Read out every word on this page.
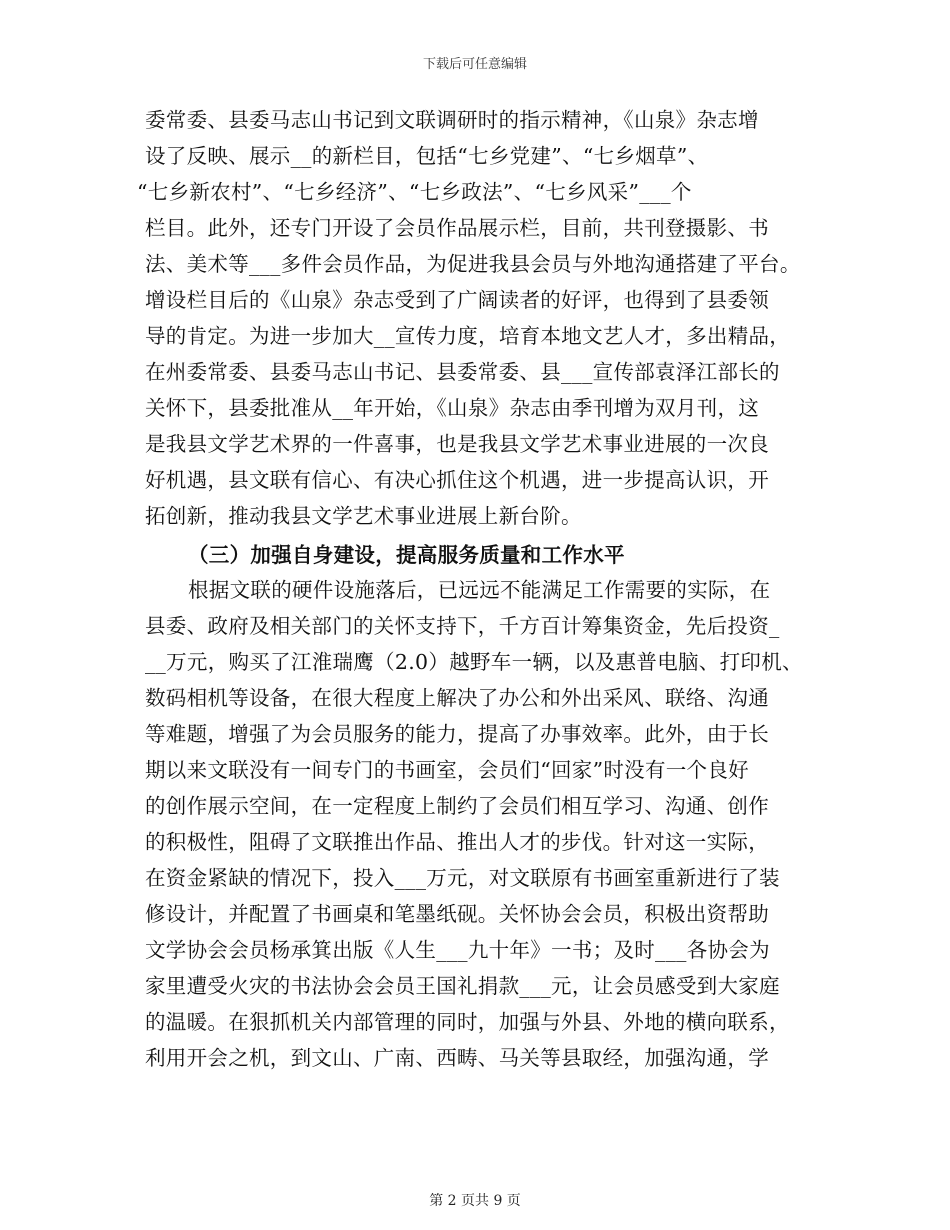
下载后可任意编辑
委常委、县委马志山书记到文联调研时的指示精神，《山泉》杂志增
设了反映、展示__的新栏目，包括“七乡党建”、“七乡烟草”、
“七乡新农村”、“七乡经济”、“七乡政法”、“七乡风采”___个
栏目。此外，还专门开设了会员作品展示栏，目前，共刊登摄影、书
法、美术等___多件会员作品，为促进我县会员与外地沟通搭建了平台。
增设栏目后的《山泉》杂志受到了广阔读者的好评，也得到了县委领
导的肯定。为进一步加大__宣传力度，培育本地文艺人才，多出精品，
在州委常委、县委马志山书记、县委常委、县___宣传部袁泽江部长的
关怀下，县委批准从__年开始，《山泉》杂志由季刊增为双月刊，这
是我县文学艺术界的一件喜事，也是我县文学艺术事业进展的一次良
好机遇，县文联有信心、有决心抓住这个机遇，进一步提高认识，开
拓创新，推动我县文学艺术事业进展上新台阶。
（三）加强自身建设，提高服务质量和工作水平
根据文联的硬件设施落后，已远远不能满足工作需要的实际，在
县委、政府及相关部门的关怀支持下，千方百计筹集资金，先后投资_
__万元，购买了江淮瑞鹰（2.0）越野车一辆，以及惠普电脑、打印机、
数码相机等设备，在很大程度上解决了办公和外出采风、联络、沟通
等难题，增强了为会员服务的能力，提高了办事效率。此外，由于长
期以来文联没有一间专门的书画室，会员们“回家”时没有一个良好
的创作展示空间，在一定程度上制约了会员们相互学习、沟通、创作
的积极性，阻碍了文联推出作品、推出人才的步伐。针对这一实际，
在资金紧缺的情况下，投入___万元，对文联原有书画室重新进行了装
修设计，并配置了书画桌和笔墨纸砚。关怀协会会员，积极出资帮助
文学协会会员杨承箕出版《人生___九十年》一书；及时___各协会为
家里遭受火灾的书法协会会员王国礼捐款___元，让会员感受到大家庭
的温暖。在狠抓机关内部管理的同时，加强与外县、外地的横向联系，
利用开会之机，到文山、广南、西畴、马关等县取经，加强沟通，学
第 2 页共 9 页
